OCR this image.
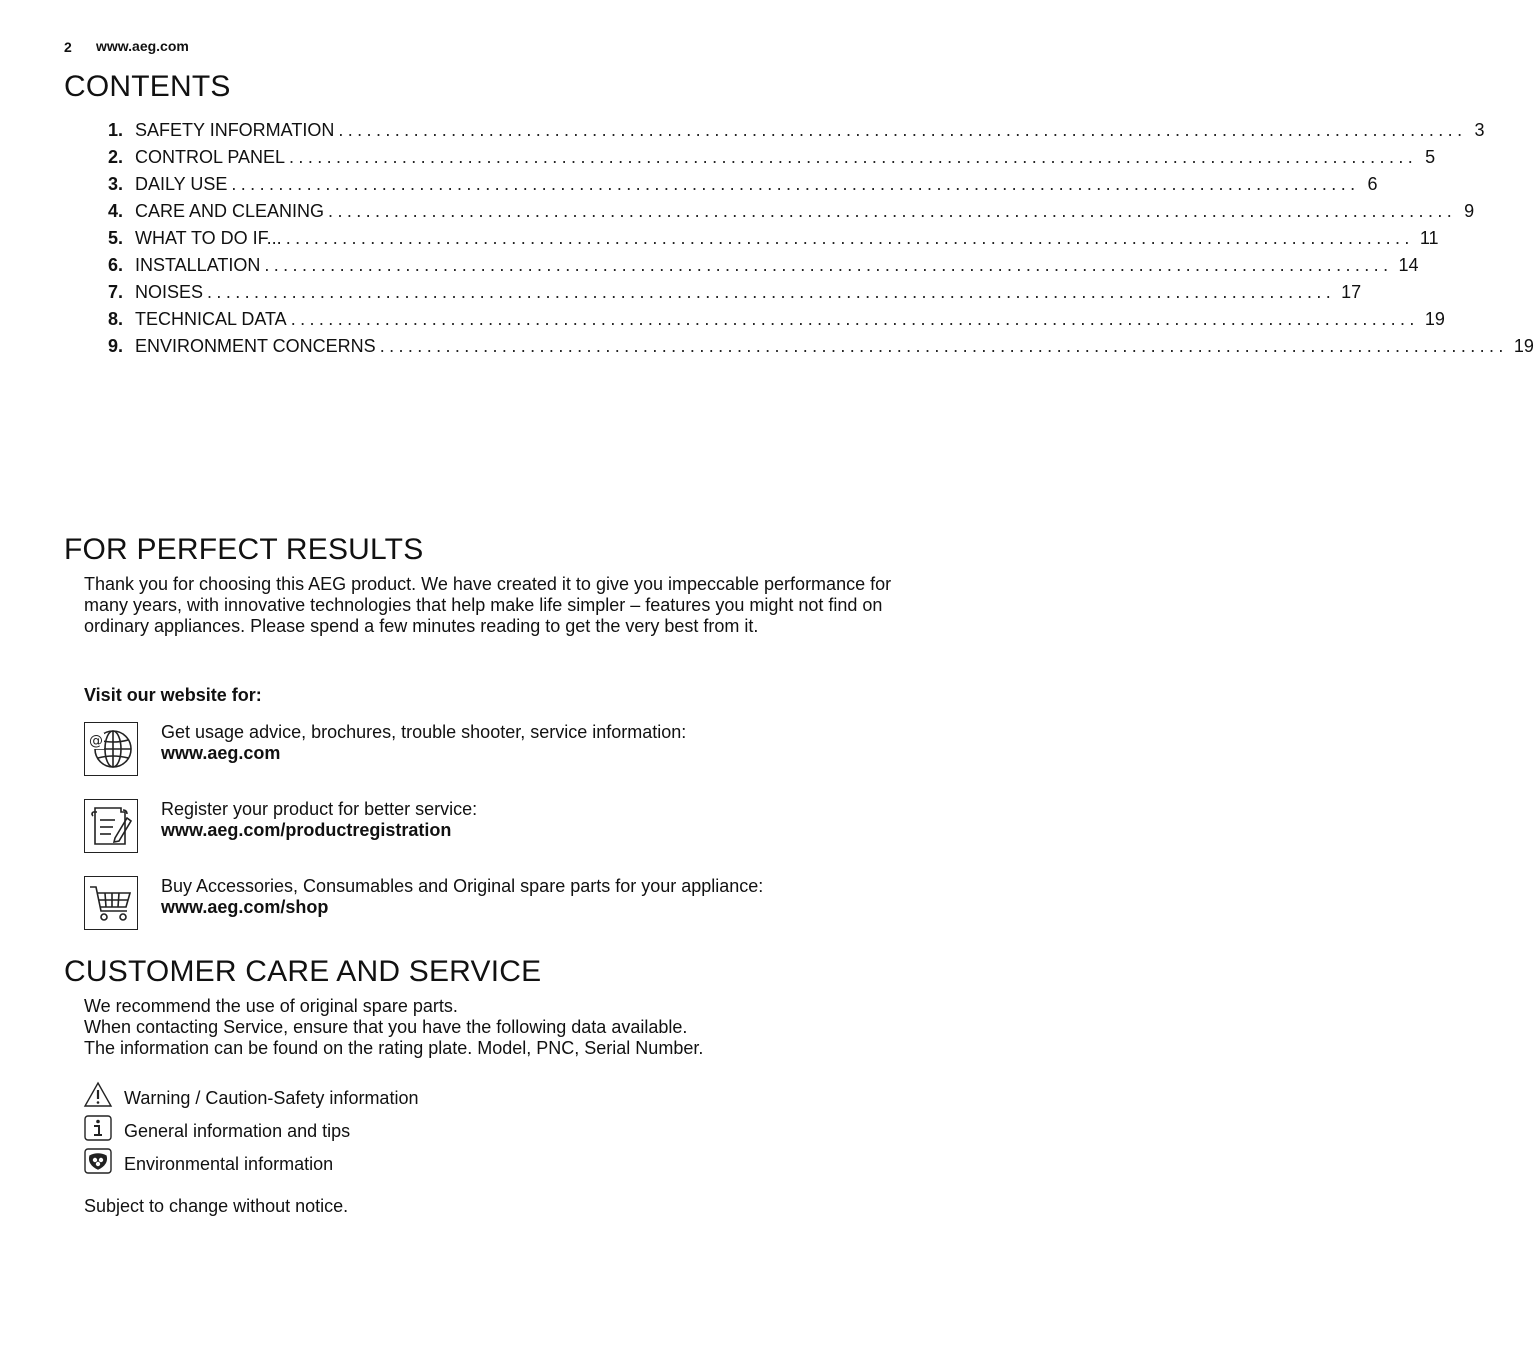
2 www.aeg.com
CONTENTS
1. SAFETY INFORMATION ........................................................................................................................ 3
2. CONTROL PANEL ........................................................................................................................ 5
3. DAILY USE ........................................................................................................................ 6
4. CARE AND CLEANING ........................................................................................................................ 9
5. WHAT TO DO IF... ........................................................................................................................ 11
6. INSTALLATION ........................................................................................................................ 14
7. NOISES ........................................................................................................................ 17
8. TECHNICAL DATA ........................................................................................................................ 19
9. ENVIRONMENT CONCERNS ........................................................................................................................ 19
FOR PERFECT RESULTS
Thank you for choosing this AEG product. We have created it to give you impeccable performance for many years, with innovative technologies that help make life simpler – features you might not find on ordinary appliances. Please spend a few minutes reading to get the very best from it.
Visit our website for:
@	Get usage advice, brochures, trouble shooter, service information:
www.aeg.com
Register your product for better service:
www.aeg.com/productregistration
Buy Accessories, Consumables and Original spare parts for your appliance:
www.aeg.com/shop
CUSTOMER CARE AND SERVICE
We recommend the use of original spare parts.
When contacting Service, ensure that you have the following data available.
The information can be found on the rating plate. Model, PNC, Serial Number.
Warning / Caution-Safety information
General information and tips
Environmental information
Subject to change without notice.
